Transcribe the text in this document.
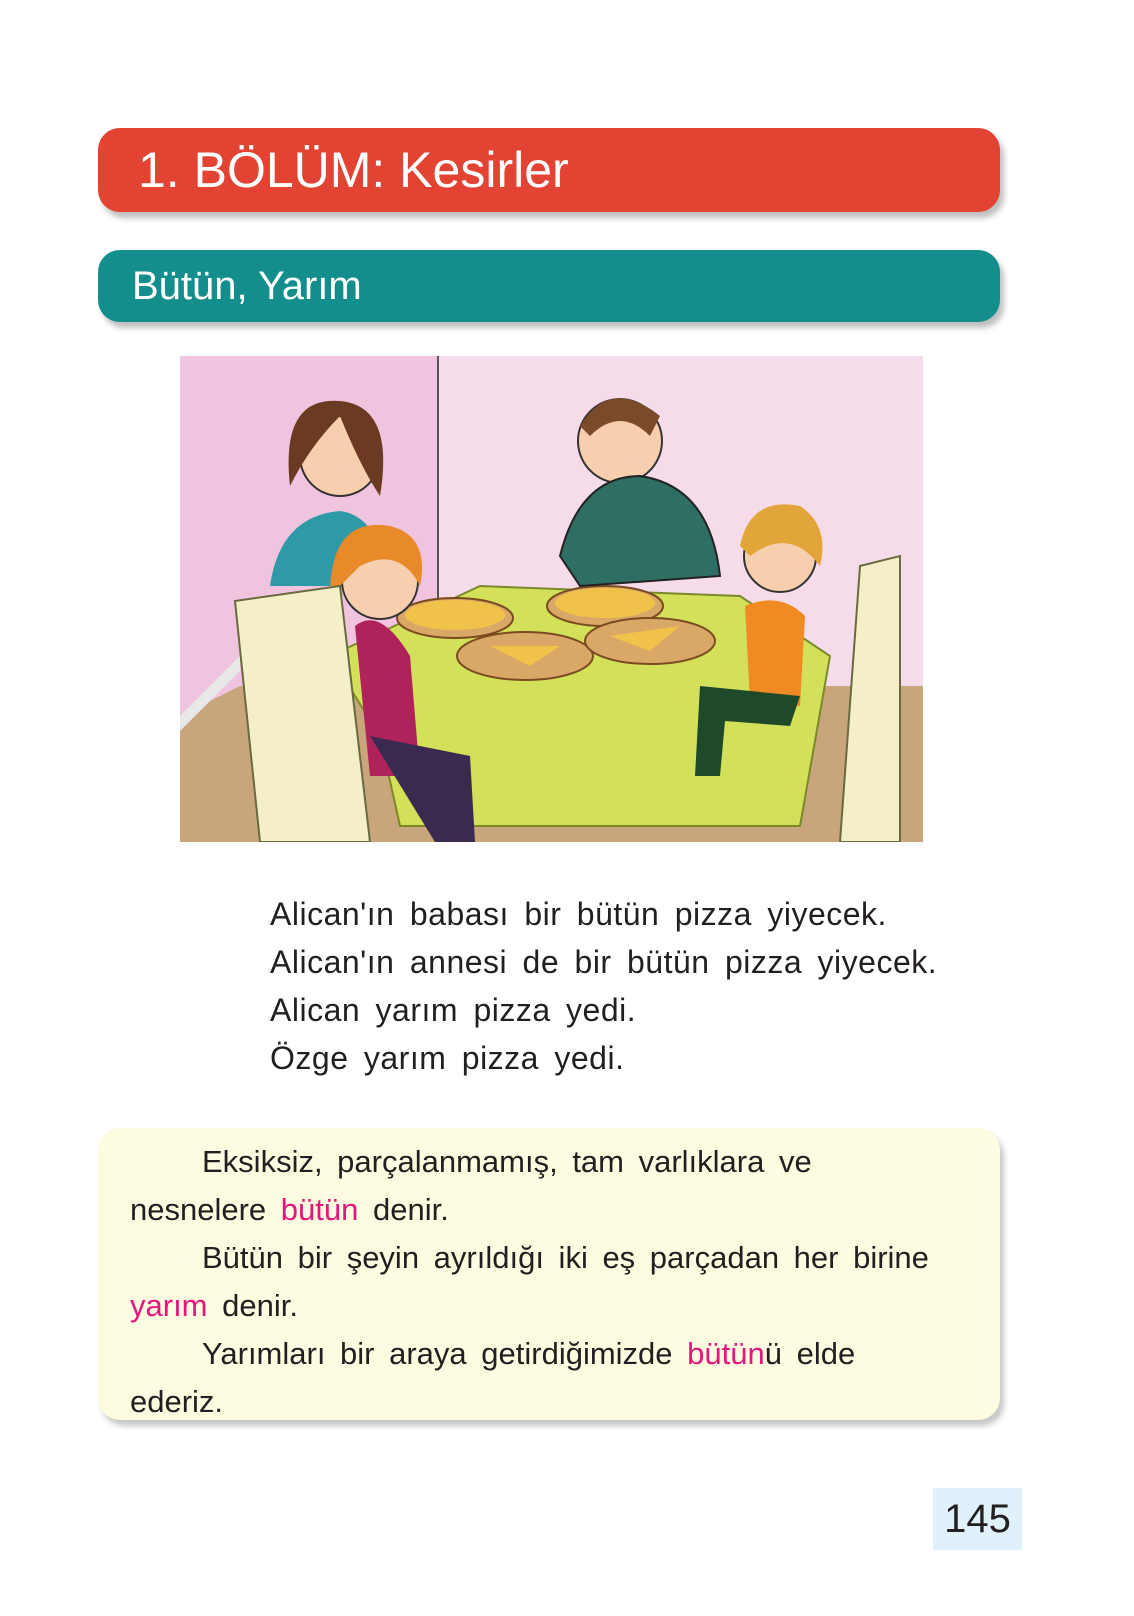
1. BÖLÜM: Kesirler
Bütün, Yarım
Alican'ın babası bir bütün pizza yiyecek.
Alican'ın annesi de bir bütün pizza yiyecek.
Alican yarım pizza yedi.
Özge yarım pizza yedi.

Eksiksiz, parçalanmamış, tam varlıklara ve nesnelere bütün denir.

Bütün bir şeyin ayrıldığı iki eş parçadan her birine yarım denir.

Yarımları bir araya getirdiğimizde bütünü elde ederiz.

145
